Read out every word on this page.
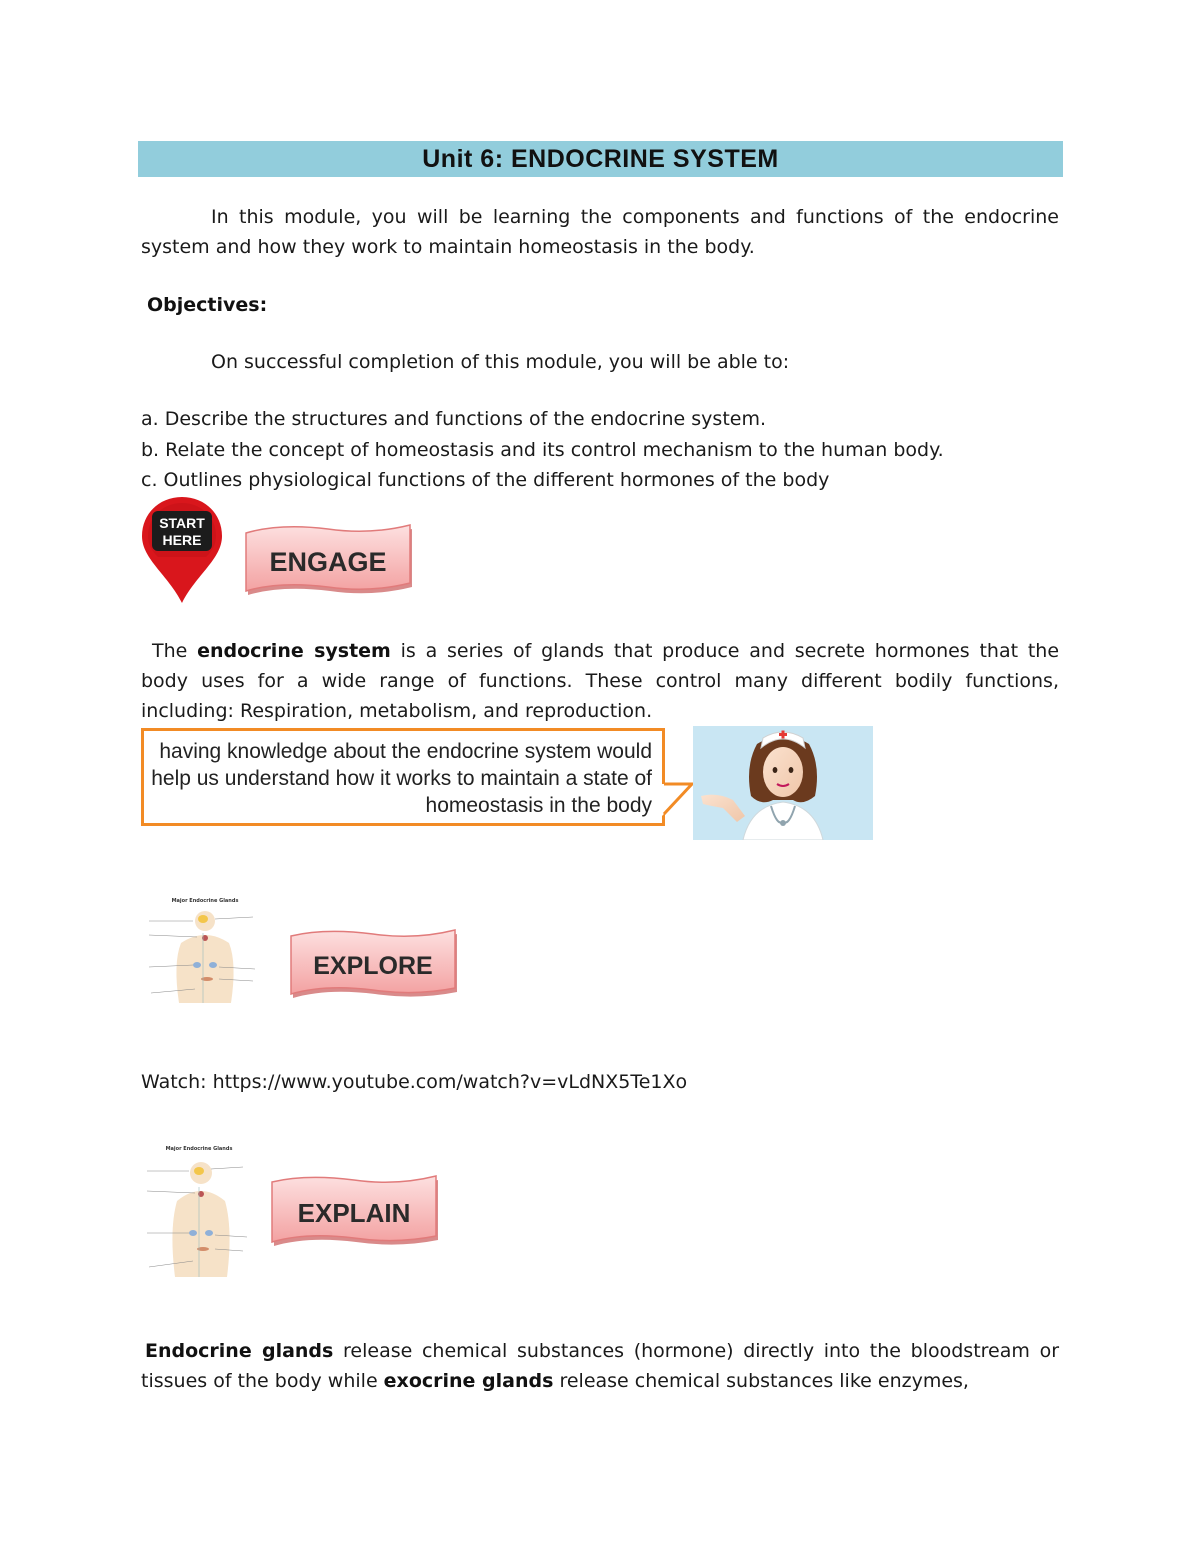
Unit 6: ENDOCRINE SYSTEM
In this module, you will be learning the components and functions of the endocrine system and how they work to maintain homeostasis in the body.
Objectives:
On successful completion of this module, you will be able to:
a. Describe the structures and functions of the endocrine system.
b. Relate the concept of homeostasis and its control mechanism to the human body.
c. Outlines physiological functions of the different hormones of the body
START
HERE
ENGAGE
The endocrine system is a series of glands that produce and secrete hormones that the body uses for a wide range of functions. These control many different bodily functions, including: Respiration, metabolism, and reproduction.
having knowledge about the endocrine system would help us understand how it works to maintain a state of homeostasis in the body
Major Endocrine Glands
EXPLORE
Watch: https://www.youtube.com/watch?v=vLdNX5Te1Xo
Major Endocrine Glands
EXPLAIN
Endocrine glands release chemical substances (hormone) directly into the bloodstream or tissues of the body while exocrine glands release chemical substances like enzymes,
